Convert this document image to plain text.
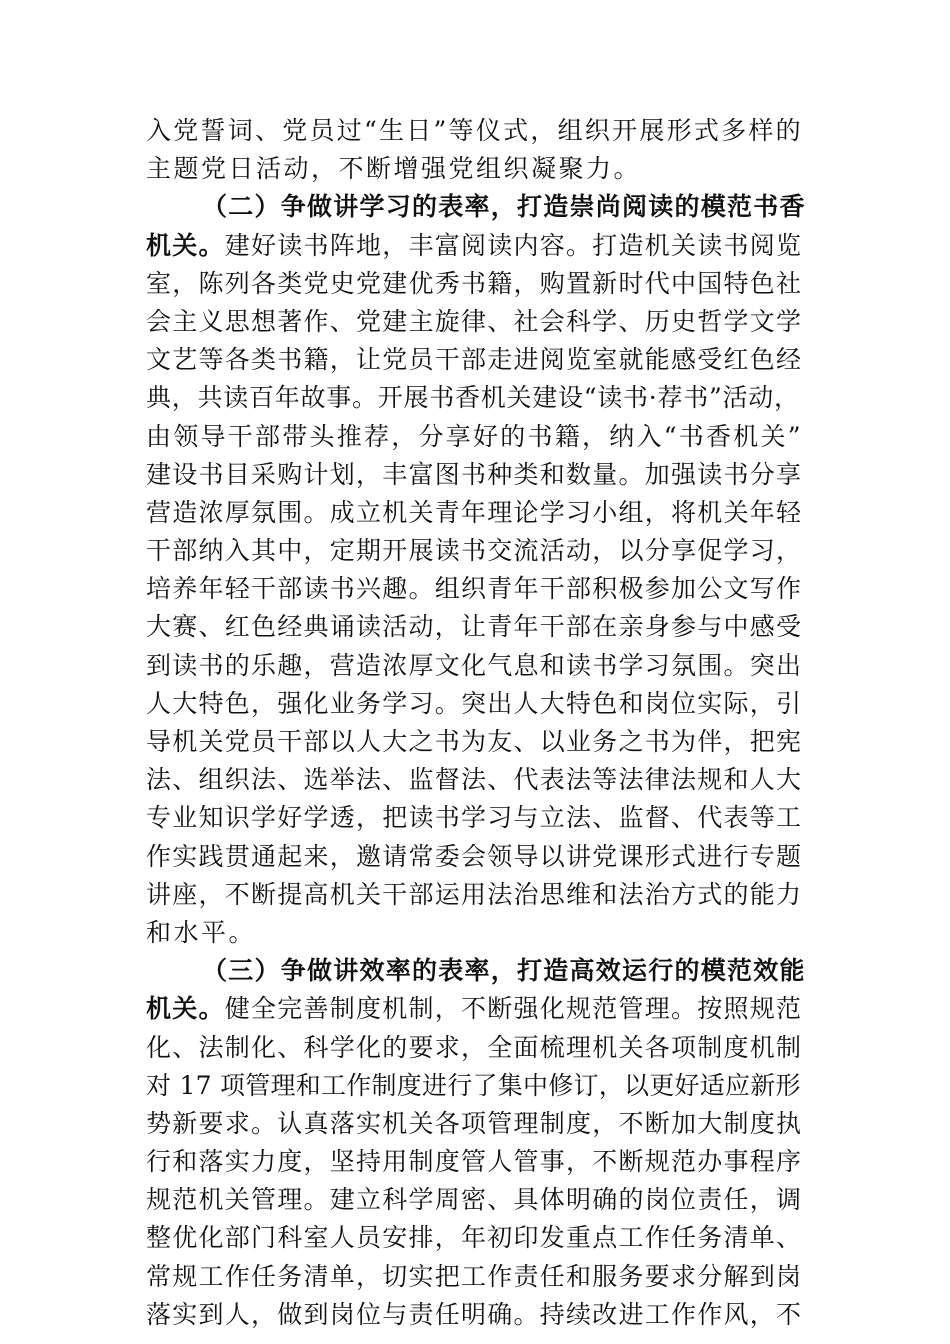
入党誓词、党员过“生日”等仪式，组织开展形式多样的
主题党日活动，不断增强党组织凝聚力。
（二）争做讲学习的表率，打造崇尚阅读的模范书香
机关。建好读书阵地，丰富阅读内容。打造机关读书阅览
室，陈列各类党史党建优秀书籍，购置新时代中国特色社
会主义思想著作、党建主旋律、社会科学、历史哲学文学
文艺等各类书籍，让党员干部走进阅览室就能感受红色经
典，共读百年故事。开展书香机关建设“读书·荐书”活动，
由领导干部带头推荐，分享好的书籍，纳入“书香机关”
建设书目采购计划，丰富图书种类和数量。加强读书分享
营造浓厚氛围。成立机关青年理论学习小组，将机关年轻
干部纳入其中，定期开展读书交流活动，以分享促学习，
培养年轻干部读书兴趣。组织青年干部积极参加公文写作
大赛、红色经典诵读活动，让青年干部在亲身参与中感受
到读书的乐趣，营造浓厚文化气息和读书学习氛围。突出
人大特色，强化业务学习。突出人大特色和岗位实际，引
导机关党员干部以人大之书为友、以业务之书为伴，把宪
法、组织法、选举法、监督法、代表法等法律法规和人大
专业知识学好学透，把读书学习与立法、监督、代表等工
作实践贯通起来，邀请常委会领导以讲党课形式进行专题
讲座，不断提高机关干部运用法治思维和法治方式的能力
和水平。
（三）争做讲效率的表率，打造高效运行的模范效能
机关。健全完善制度机制，不断强化规范管理。按照规范
化、法制化、科学化的要求，全面梳理机关各项制度机制
对 17 项管理和工作制度进行了集中修订，以更好适应新形
势新要求。认真落实机关各项管理制度，不断加大制度执
行和落实力度，坚持用制度管人管事，不断规范办事程序
规范机关管理。建立科学周密、具体明确的岗位责任，调
整优化部门科室人员安排，年初印发重点工作任务清单、
常规工作任务清单，切实把工作责任和服务要求分解到岗
落实到人，做到岗位与责任明确。持续改进工作作风，不
